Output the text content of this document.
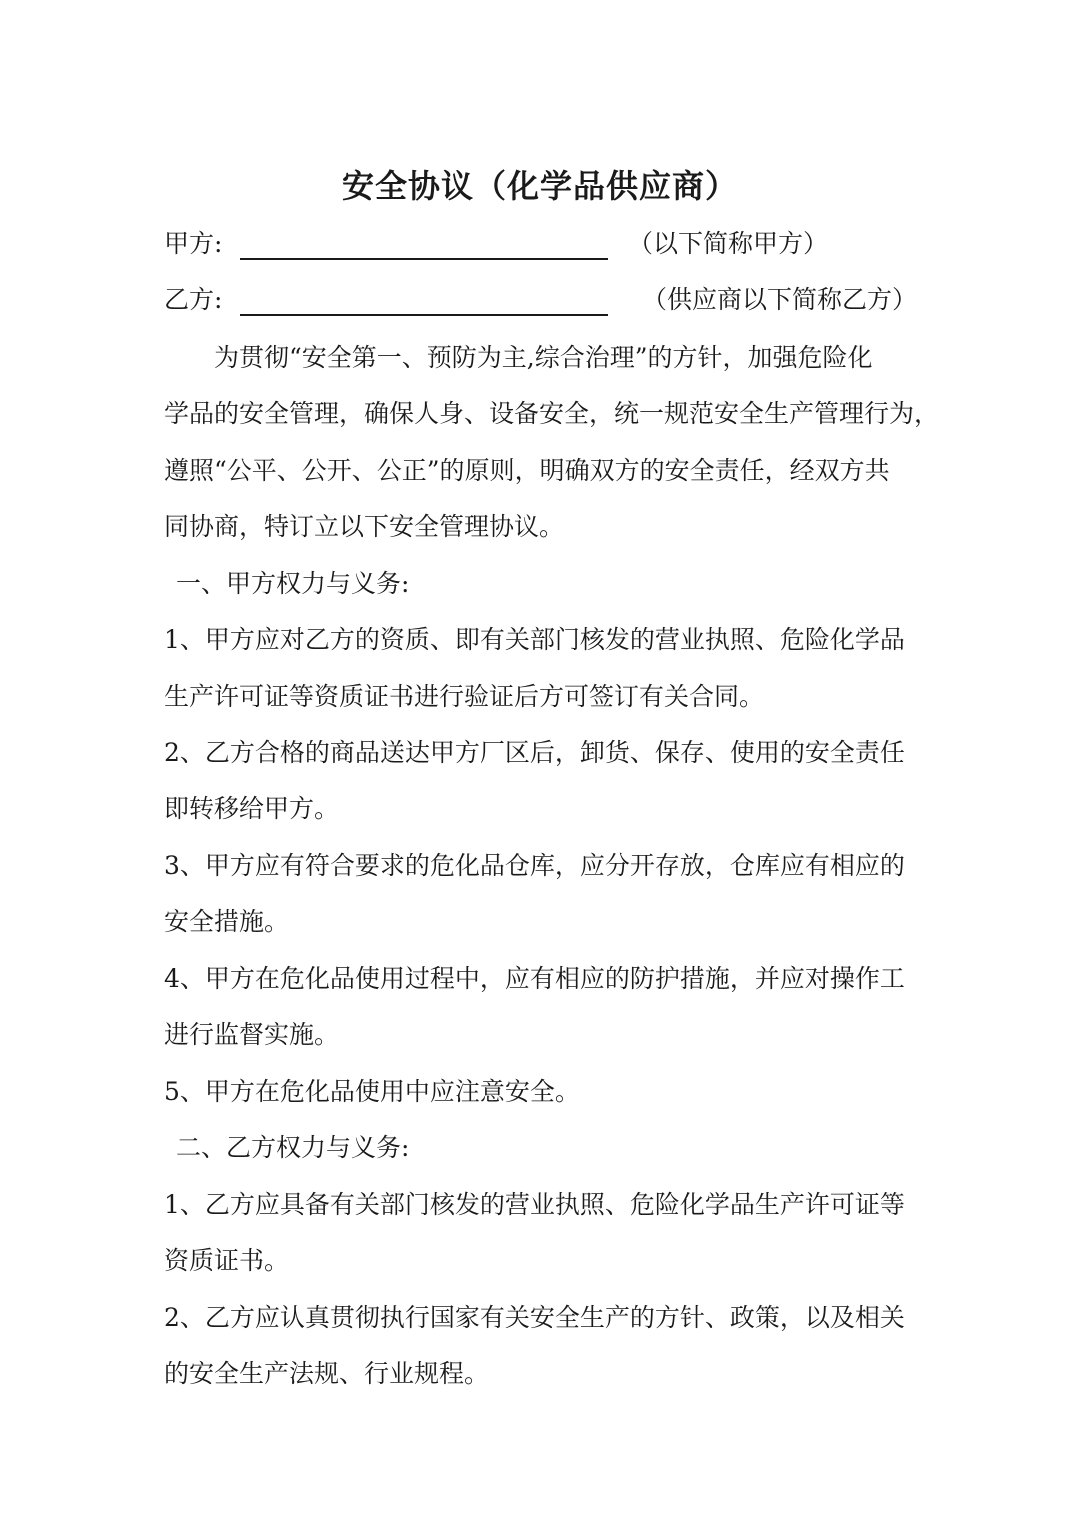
安全协议（化学品供应商）
甲方:	（以下简称甲方）
乙方:	（供应商以下简称乙方）
为贯彻“安全第一、预防为主,综合治理”的方针，加强危险化
学品的安全管理，确保人身、设备安全，统一规范安全生产管理行为，
遵照“公平、公开、公正”的原则，明确双方的安全责任，经双方共
同协商，特订立以下安全管理协议。
一、甲方权力与义务:
1、甲方应对乙方的资质、即有关部门核发的营业执照、危险化学品
生产许可证等资质证书进行验证后方可签订有关合同。
2、乙方合格的商品送达甲方厂区后，卸货、保存、使用的安全责任
即转移给甲方。
3、甲方应有符合要求的危化品仓库，应分开存放，仓库应有相应的
安全措施。
4、甲方在危化品使用过程中，应有相应的防护措施，并应对操作工
进行监督实施。
5、甲方在危化品使用中应注意安全。
二、乙方权力与义务:
1、乙方应具备有关部门核发的营业执照、危险化学品生产许可证等
资质证书。
2、乙方应认真贯彻执行国家有关安全生产的方针、政策，以及相关
的安全生产法规、行业规程。
